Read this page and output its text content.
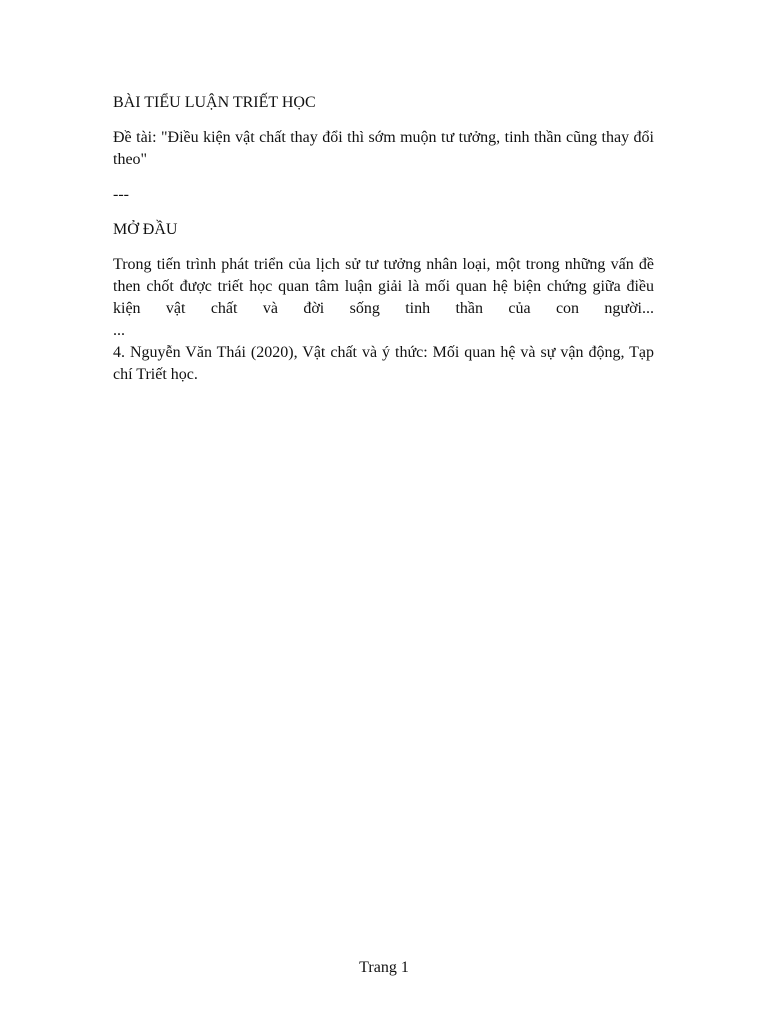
BÀI TIỂU LUẬN TRIẾT HỌC

Đề tài: "Điều kiện vật chất thay đổi thì sớm muộn tư tưởng, tinh thần cũng thay đổi theo"

---

MỞ ĐẦU

Trong tiến trình phát triển của lịch sử tư tưởng nhân loại, một trong những vấn đề then chốt được triết học quan tâm luận giải là mối quan hệ biện chứng giữa điều kiện vật chất và đời sống tinh thần của con người...

...

4. Nguyễn Văn Thái (2020), Vật chất và ý thức: Mối quan hệ và sự vận động, Tạp chí Triết học.

Trang 1
